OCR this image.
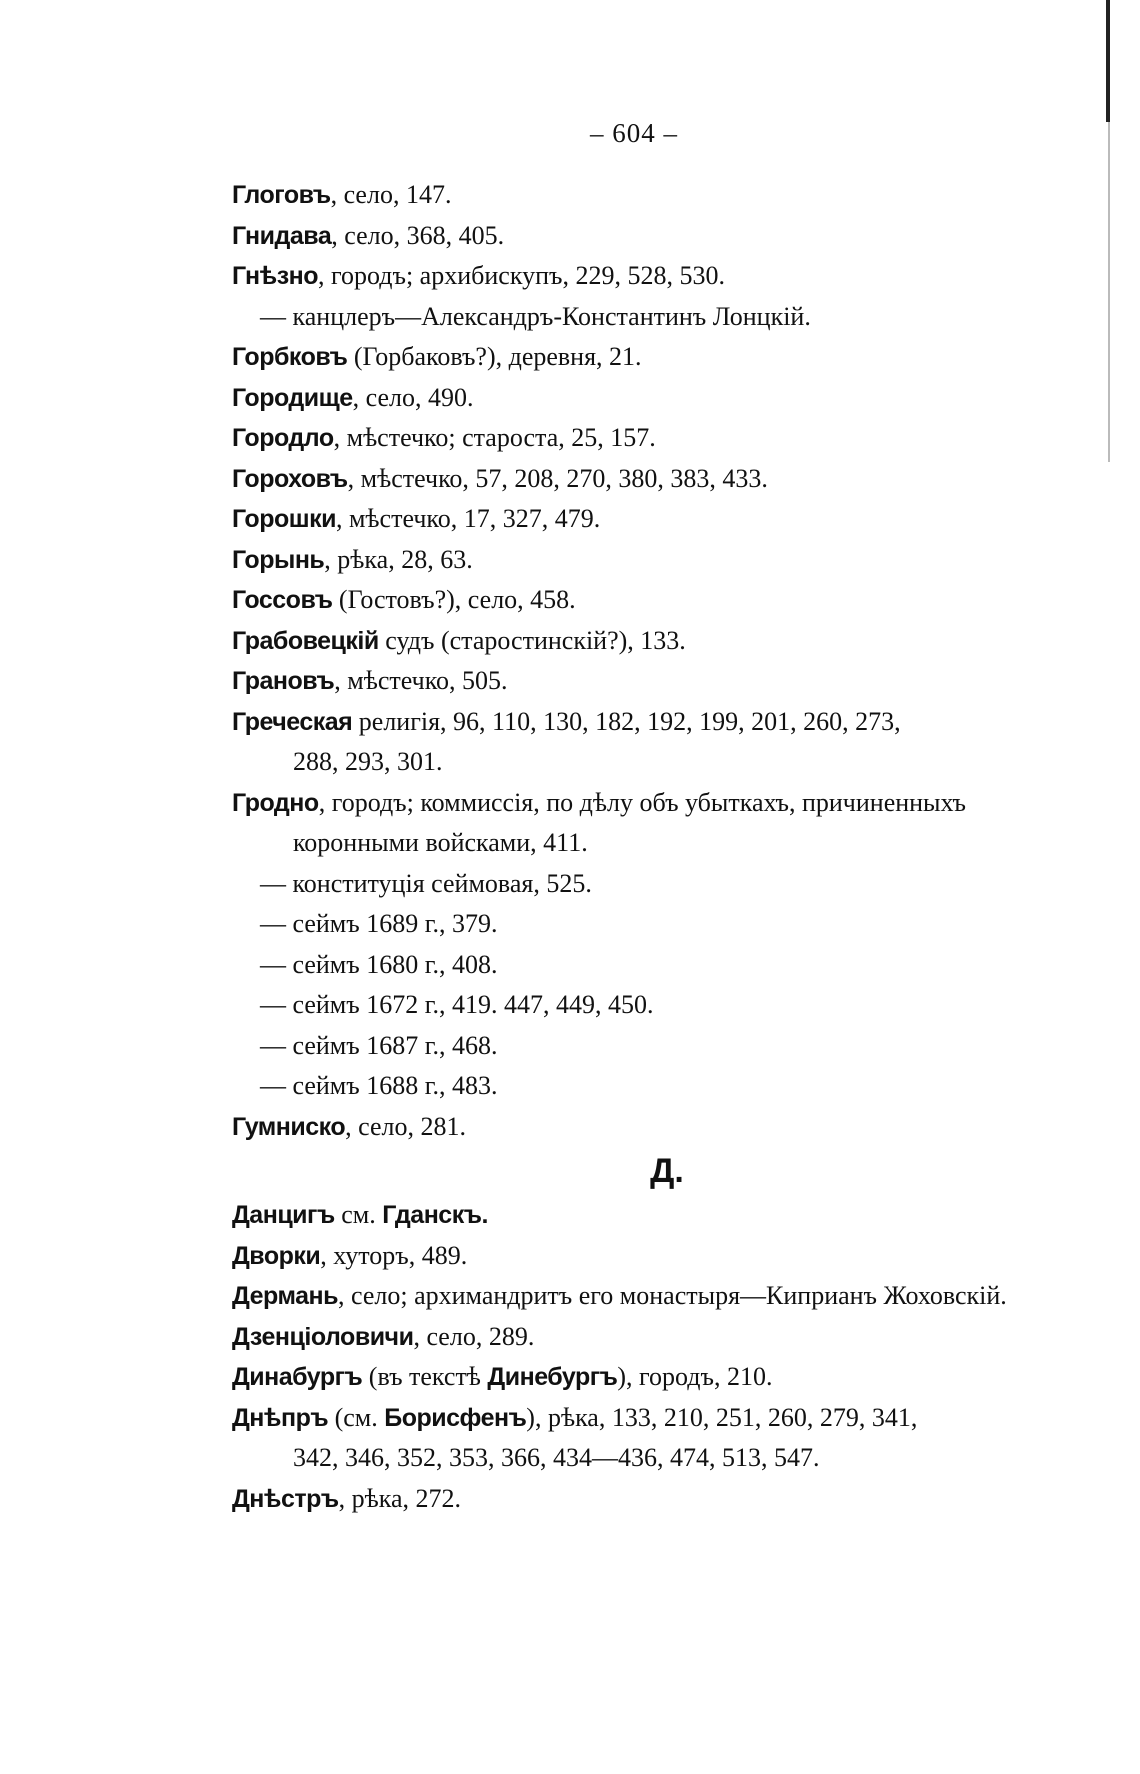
– 604 –
Глоговъ, село, 147.
Гнидава, село, 368, 405.
Гнѣзно, городъ; архибискупъ, 229, 528, 530.
— канцлеръ—Александръ-Константинъ Лонцкій.
Горбковъ (Горбаковъ?), деревня, 21.
Городище, село, 490.
Городло, мѣстечко; староста, 25, 157.
Гороховъ, мѣстечко, 57, 208, 270, 380, 383, 433.
Горошки, мѣстечко, 17, 327, 479.
Горынь, рѣка, 28, 63.
Госсовъ (Гостовъ?), село, 458.
Грабовецкій судъ (старостинскій?), 133.
Грановъ, мѣстечко, 505.
Греческая религія, 96, 110, 130, 182, 192, 199, 201, 260, 273,
288, 293, 301.
Гродно, городъ; коммиссія, по дѣлу объ убыткахъ, причиненныхъ
коронными войсками, 411.
— конституція сеймовая, 525.
— сеймъ 1689 г., 379.
— сеймъ 1680 г., 408.
— сеймъ 1672 г., 419. 447, 449, 450.
— сеймъ 1687 г., 468.
— сеймъ 1688 г., 483.
Гумниско, село, 281.
Д.
Данцигъ см. Гданскъ.
Дворки, хуторъ, 489.
Дермань, село; архимандритъ его монастыря—Киприанъ Жоховскій.
Дзенціоловичи, село, 289.
Динабургъ (въ текстѣ Динебургъ), городъ, 210.
Днѣпръ (см. Борисфенъ), рѣка, 133, 210, 251, 260, 279, 341,
342, 346, 352, 353, 366, 434—436, 474, 513, 547.
Днѣстръ, рѣка, 272.
